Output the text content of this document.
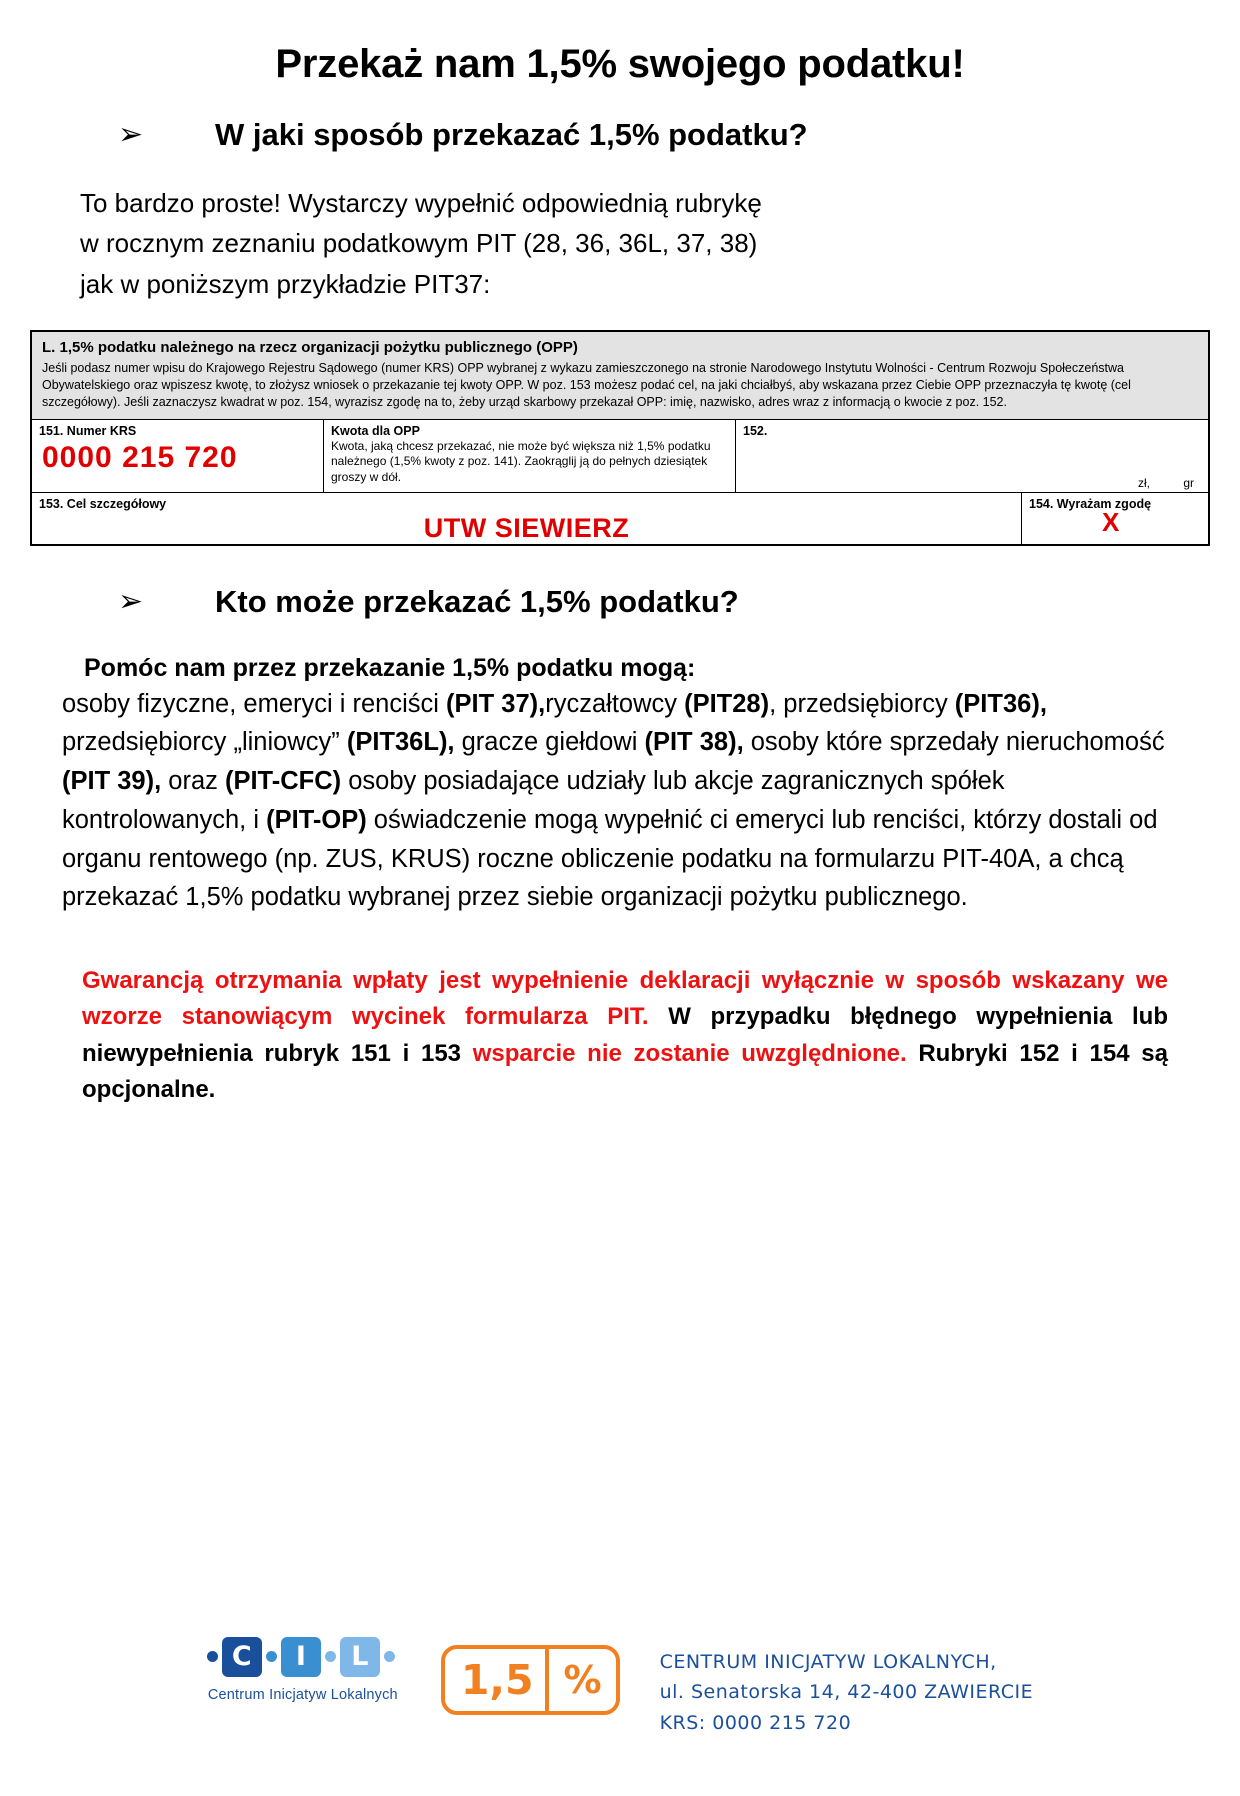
Przekaż nam 1,5% swojego podatku!
➢	W jaki sposób przekazać 1,5% podatku?
To bardzo proste! Wystarczy wypełnić odpowiednią rubrykę
w rocznym zeznaniu podatkowym PIT (28, 36, 36L, 37, 38)
jak w poniższym przykładzie PIT37:
L. 1,5% podatku należnego na rzecz organizacji pożytku publicznego (OPP)
Jeśli podasz numer wpisu do Krajowego Rejestru Sądowego (numer KRS) OPP wybranej z wykazu zamieszczonego na stronie Narodowego Instytutu Wolności - Centrum Rozwoju Społeczeństwa Obywatelskiego oraz wpiszesz kwotę, to złożysz wniosek o przekazanie tej kwoty OPP. W poz. 153 możesz podać cel, na jaki chciałbyś, aby wskazana przez Ciebie OPP przeznaczyła tę kwotę (cel szczegółowy). Jeśli zaznaczysz kwadrat w poz. 154, wyrazisz zgodę na to, żeby urząd skarbowy przekazał OPP: imię, nazwisko, adres wraz z informacją o kwocie z poz. 152.
151. Numer KRS
0000 215 720
Kwota dla OPP
Kwota, jaką chcesz przekazać, nie może być większa niż 1,5% podatku należnego (1,5% kwoty z poz. 141). Zaokrąglij ją do pełnych dziesiątek groszy w dół.
152.
zł,	gr
153. Cel szczegółowy
UTW SIEWIERZ
154. Wyrażam zgodę
X
➢	Kto może przekazać 1,5% podatku?
Pomóc nam przez przekazanie 1,5% podatku mogą:
osoby fizyczne, emeryci i renciści (PIT 37),ryczałtowcy (PIT28), przedsiębiorcy (PIT36), przedsiębiorcy „liniowcy” (PIT36L), gracze giełdowi (PIT 38), osoby które sprzedały nieruchomość (PIT 39), oraz (PIT-CFC) osoby posiadające udziały lub akcje zagranicznych spółek kontrolowanych, i (PIT-OP) oświadczenie mogą wypełnić ci emeryci lub renciści, którzy dostali od organu rentowego (np. ZUS, KRUS) roczne obliczenie podatku na formularzu PIT-40A, a chcą przekazać 1,5% podatku wybranej przez siebie organizacji pożytku publicznego.
Gwarancją otrzymania wpłaty jest wypełnienie deklaracji wyłącznie w sposób wskazany we wzorze stanowiącym wycinek formularza PIT. W przypadku błędnego wypełnienia lub niewypełnienia rubryk 151 i 153 wsparcie nie zostanie uwzględnione. Rubryki 152 i 154 są opcjonalne.
C	I	L
Centrum Inicjatyw Lokalnych	1,5 %	CENTRUM INICJATYW LOKALNYCH,
ul. Senatorska 14, 42-400 ZAWIERCIE
KRS: 0000 215 720
